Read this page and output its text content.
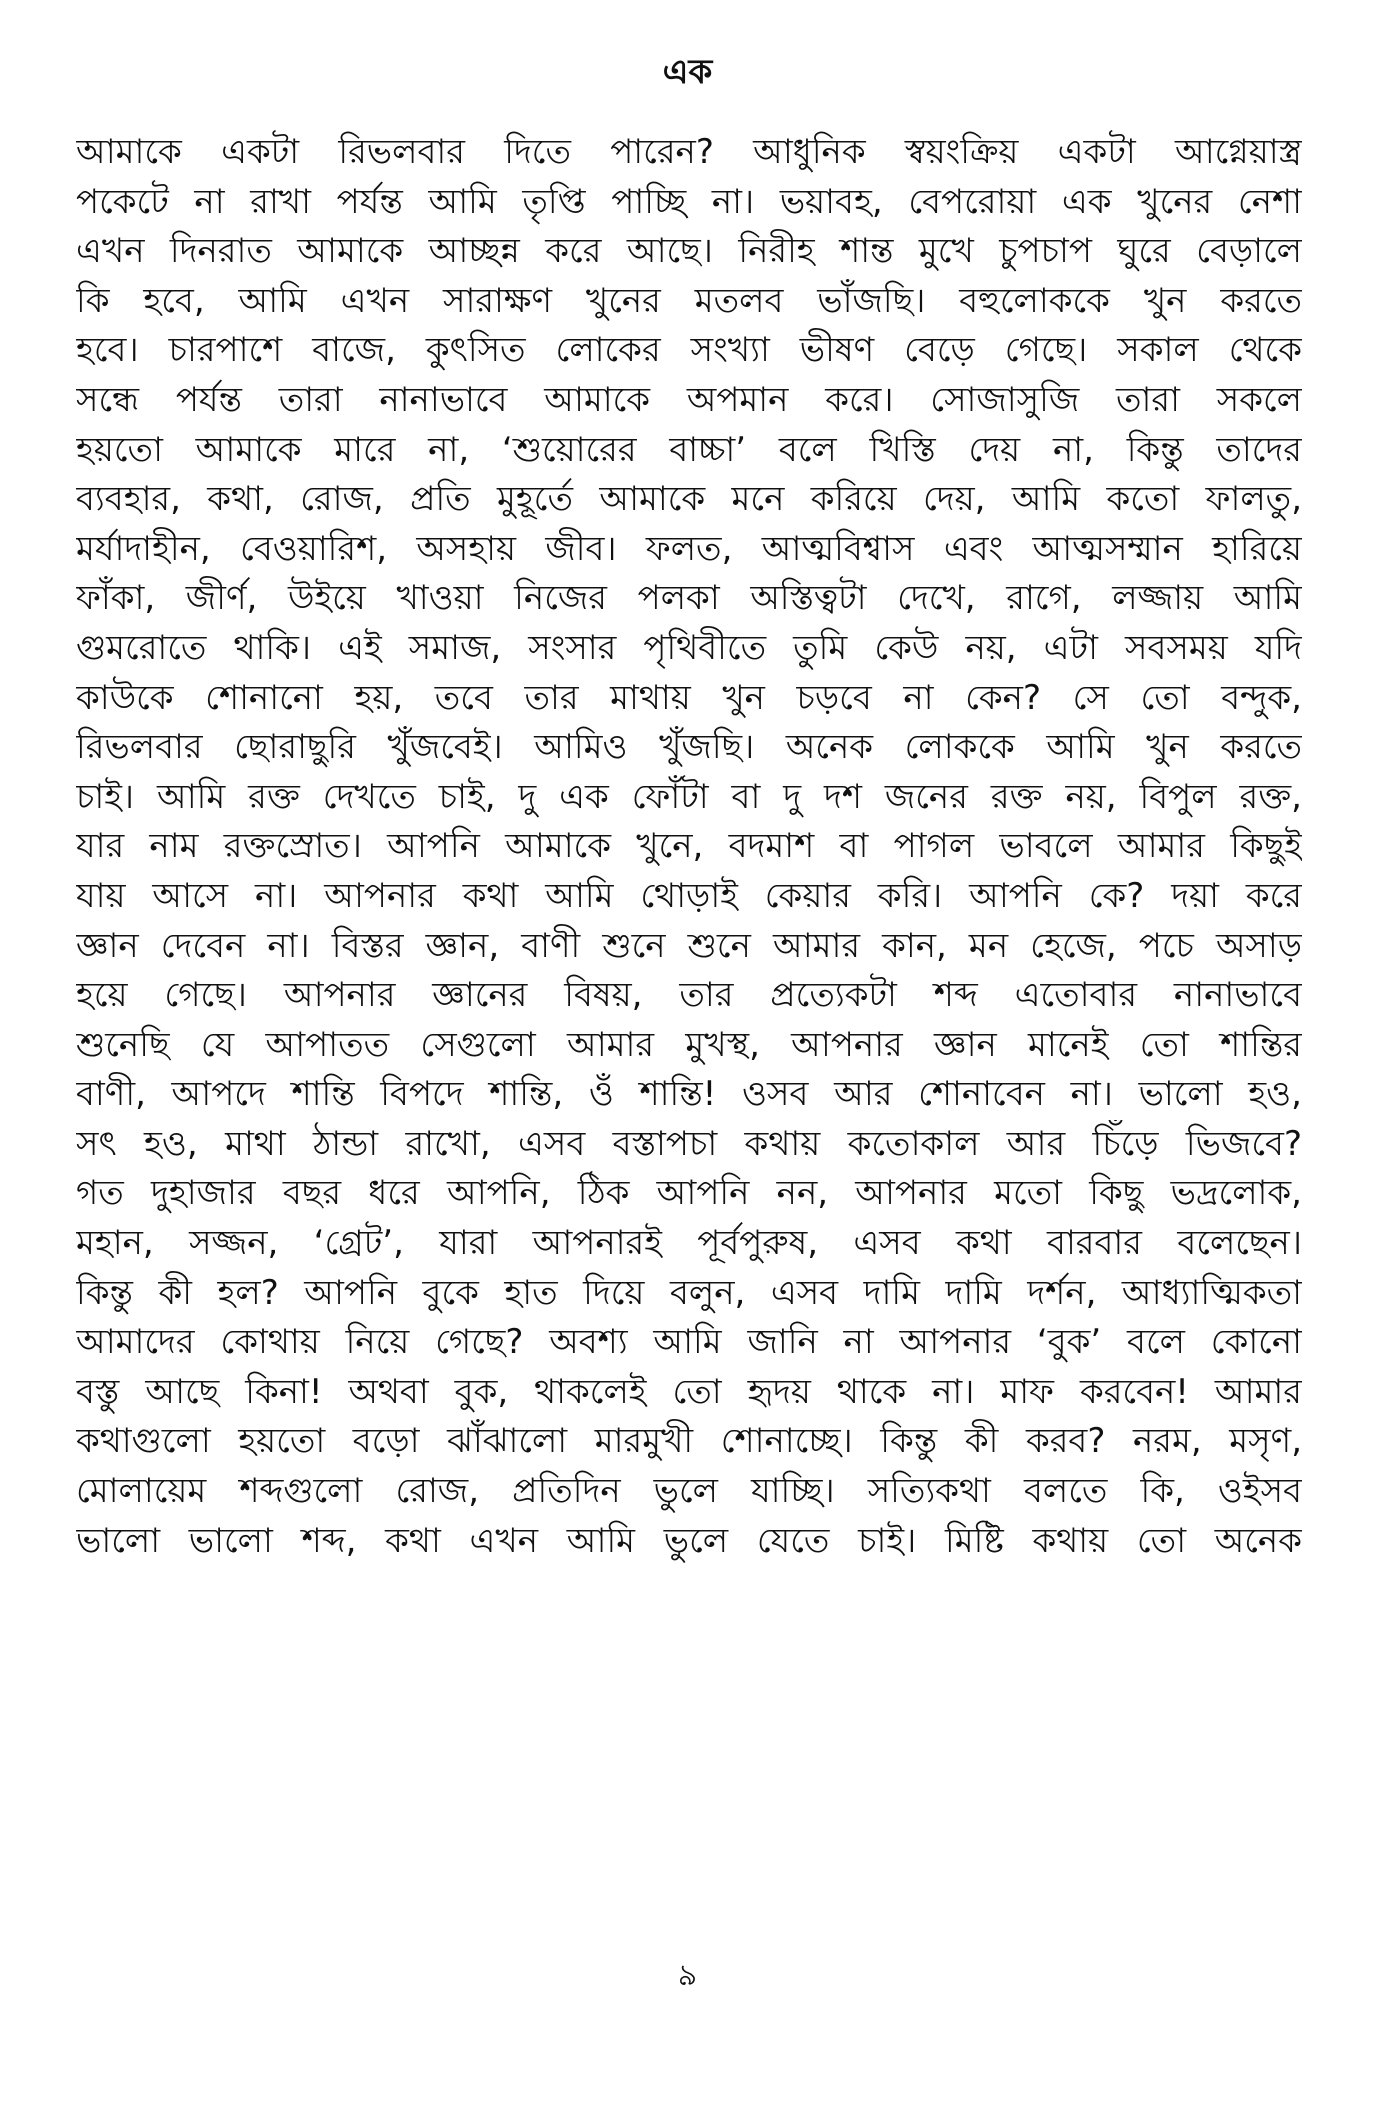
এক
আমাকে একটা রিভলবার দিতে পারেন? আধুনিক স্বয়ংক্রিয় একটা আগ্নেয়াস্ত্র
পকেটে না রাখা পর্যন্ত আমি তৃপ্তি পাচ্ছি না। ভয়াবহ, বেপরোয়া এক খুনের নেশা
এখন দিনরাত আমাকে আচ্ছন্ন করে আছে। নিরীহ শান্ত মুখে চুপচাপ ঘুরে বেড়ালে
কি হবে, আমি এখন সারাক্ষণ খুনের মতলব ভাঁজছি। বহুলোককে খুন করতে
হবে। চারপাশে বাজে, কুৎসিত লোকের সংখ্যা ভীষণ বেড়ে গেছে। সকাল থেকে
সন্ধে পর্যন্ত তারা নানাভাবে আমাকে অপমান করে। সোজাসুজি তারা সকলে
হয়তো আমাকে মারে না, ‘শুয়োরের বাচ্চা’ বলে খিস্তি দেয় না, কিন্তু তাদের
ব্যবহার, কথা, রোজ, প্রতি মুহূর্তে আমাকে মনে করিয়ে দেয়, আমি কতো ফালতু,
মর্যাদাহীন, বেওয়ারিশ, অসহায় জীব। ফলত, আত্মবিশ্বাস এবং আত্মসম্মান হারিয়ে
ফাঁকা, জীর্ণ, উইয়ে খাওয়া নিজের পলকা অস্তিত্বটা দেখে, রাগে, লজ্জায় আমি
গুমরোতে থাকি। এই সমাজ, সংসার পৃথিবীতে তুমি কেউ নয়, এটা সবসময় যদি
কাউকে শোনানো হয়, তবে তার মাথায় খুন চড়বে না কেন? সে তো বন্দুক,
রিভলবার ছোরাছুরি খুঁজবেই। আমিও খুঁজছি। অনেক লোককে আমি খুন করতে
চাই। আমি রক্ত দেখতে চাই, দু এক ফোঁটা বা দু দশ জনের রক্ত নয়, বিপুল রক্ত,
যার নাম রক্তস্রোত। আপনি আমাকে খুনে, বদমাশ বা পাগল ভাবলে আমার কিছুই
যায় আসে না। আপনার কথা আমি থোড়াই কেয়ার করি। আপনি কে? দয়া করে
জ্ঞান দেবেন না। বিস্তর জ্ঞান, বাণী শুনে শুনে আমার কান, মন হেজে, পচে অসাড়
হয়ে গেছে। আপনার জ্ঞানের বিষয়, তার প্রত্যেকটা শব্দ এতোবার নানাভাবে
শুনেছি যে আপাতত সেগুলো আমার মুখস্থ, আপনার জ্ঞান মানেই তো শান্তির
বাণী, আপদে শান্তি বিপদে শান্তি, ওঁ শান্তি! ওসব আর শোনাবেন না। ভালো হও,
সৎ হও, মাথা ঠান্ডা রাখো, এসব বস্তাপচা কথায় কতোকাল আর চিঁড়ে ভিজবে?
গত দুহাজার বছর ধরে আপনি, ঠিক আপনি নন, আপনার মতো কিছু ভদ্রলোক,
মহান, সজ্জন, ‘গ্রেট’, যারা আপনারই পূর্বপুরুষ, এসব কথা বারবার বলেছেন।
কিন্তু কী হল? আপনি বুকে হাত দিয়ে বলুন, এসব দামি দামি দর্শন, আধ্যাত্মিকতা
আমাদের কোথায় নিয়ে গেছে? অবশ্য আমি জানি না আপনার ‘বুক’ বলে কোনো
বস্তু আছে কিনা! অথবা বুক, থাকলেই তো হৃদয় থাকে না। মাফ করবেন! আমার
কথাগুলো হয়তো বড়ো ঝাঁঝালো মারমুখী শোনাচ্ছে। কিন্তু কী করব? নরম, মসৃণ,
মোলায়েম শব্দগুলো রোজ, প্রতিদিন ভুলে যাচ্ছি। সত্যিকথা বলতে কি, ওইসব
ভালো ভালো শব্দ, কথা এখন আমি ভুলে যেতে চাই। মিষ্টি কথায় তো অনেক
৯
